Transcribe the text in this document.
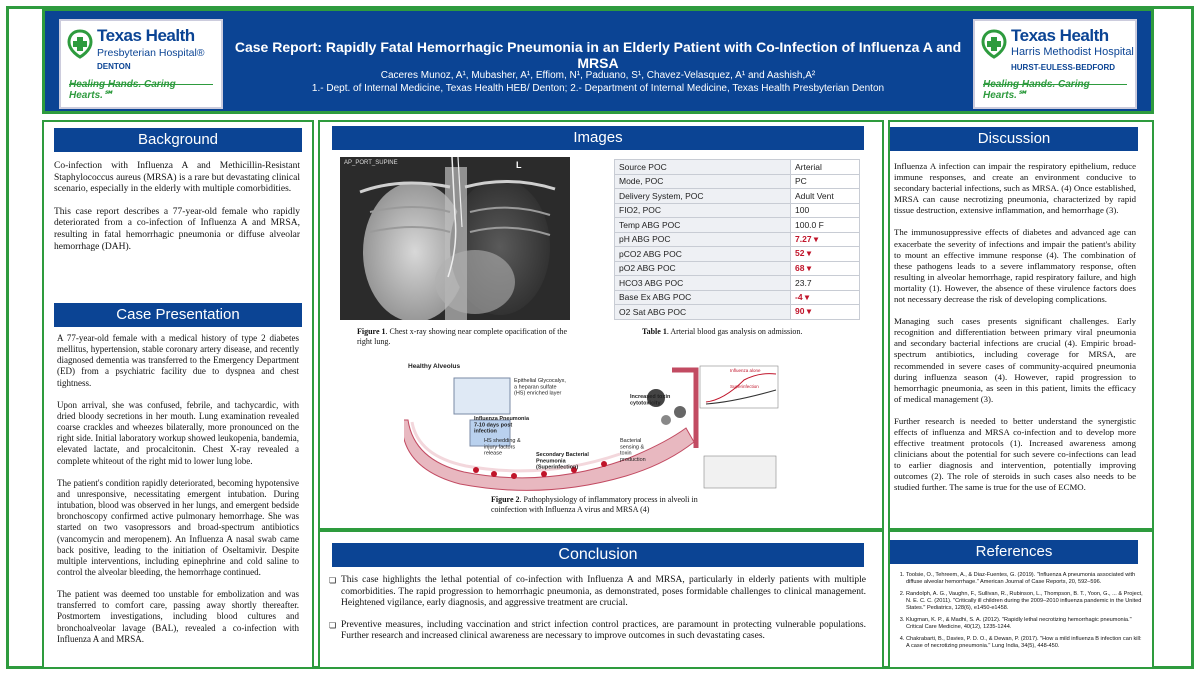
Texas Health
Presbyterian Hospital®
DENTON
Healing Hands. Caring Hearts.℠
Case Report: Rapidly Fatal Hemorrhagic Pneumonia in an Elderly Patient with Co-Infection of Influenza A and MRSA
Caceres Munoz, A¹, Mubasher, A¹, Effiom, N¹, Paduano, S¹, Chavez-Velasquez, A¹ and Aashish,A²
1.- Dept. of Internal Medicine, Texas Health HEB/ Denton; 2.- Department of Internal Medicine, Texas Health Presbyterian Denton
Texas Health
Harris Methodist Hospital
HURST-EULESS-BEDFORD
Healing Hands. Caring Hearts.℠
Background

Co-infection with Influenza A and Methicillin-Resistant Staphylococcus aureus (MRSA) is a rare but devastating clinical scenario, especially in the elderly with multiple comorbidities.

This case report describes a 77-year-old female who rapidly deteriorated from a co-infection of Influenza A and MRSA, resulting in fatal hemorrhagic pneumonia or diffuse alveolar hemorrhage (DAH).

Case Presentation

A 77-year-old female with a medical history of type 2 diabetes mellitus, hypertension, stable coronary artery disease, and recently diagnosed dementia was transferred to the Emergency Department (ED) from a psychiatric facility due to dyspnea and chest tightness.

Upon arrival, she was confused, febrile, and tachycardic, with dried bloody secretions in her mouth. Lung examination revealed coarse crackles and wheezes bilaterally, more pronounced on the right side. Initial laboratory workup showed leukopenia, bandemia, elevated lactate, and procalcitonin. Chest X-ray revealed a complete whiteout of the right mid to lower lung lobe.

The patient's condition rapidly deteriorated, becoming hypotensive and unresponsive, necessitating emergent intubation. During intubation, blood was observed in her lungs, and emergent bedside bronchoscopy confirmed active pulmonary hemorrhage. She was started on two vasopressors and broad-spectrum antibiotics (vancomycin and meropenem). An Influenza A nasal swab came back positive, leading to the initiation of Oseltamivir. Despite multiple interventions, including epinephrine and cold saline to control the alveolar bleeding, the hemorrhage continued.

The patient was deemed too unstable for embolization and was transferred to comfort care, passing away shortly thereafter. Postmortem investigations, including blood cultures and bronchoalveolar lavage (BAL), revealed a co-infection with Influenza A and MRSA.

Images
AP_PORT_SUPINE	L
Figure 1. Chest x-ray showing near complete opacification of the right lung.
Source POC	Arterial
Mode, POC	PC
Delivery System, POC	Adult Vent
FIO2, POC	100
Temp ABG POC	100.0 F
pH ABG POC	7.27 ▾
pCO2 ABG POC	52 ▾
pO2 ABG POC	68 ▾
HCO3 ABG POC	23.7
Base Ex ABG POC	-4 ▾
O2 Sat ABG POC	90 ▾
Table 1. Arterial blood gas analysis on admission.
Healthy Alveolus
Epithelial Glycocalyx, a heparan sulfate (HS) enriched layer
Influenza Pneumonia 7-10 days post infection
HS shedding & injury factors release	Secondary Bacterial Pneumonia (Superinfection)
Increased toxin cytotoxicity
Bacterial sensing & toxin production
Influenza alone
Superinfection
Figure 2. Pathophysiology of inflammatory process in alveoli in coinfection with Influenza A virus and MRSA (4)
Discussion

Influenza A infection can impair the respiratory epithelium, reduce immune responses, and create an environment conducive to secondary bacterial infections, such as MRSA. (4) Once established, MRSA can cause necrotizing pneumonia, characterized by rapid tissue destruction, extensive inflammation, and hemorrhage (3).

The immunosuppressive effects of diabetes and advanced age can exacerbate the severity of infections and impair the patient's ability to mount an effective immune response (4). The combination of these pathogens leads to a severe inflammatory response, often resulting in alveolar hemorrhage, rapid respiratory failure, and high mortality (1). However, the absence of these virulence factors does not necessary decrease the risk of developing complications.

Managing such cases presents significant challenges. Early recognition and differentiation between primary viral pneumonia and secondary bacterial infections are crucial (4). Empiric broad-spectrum antibiotics, including coverage for MRSA, are recommended in severe cases of community-acquired pneumonia during influenza season (4). However, rapid progression to hemorrhagic pneumonia, as seen in this patient, limits the efficacy of medical management (3).

Further research is needed to better understand the synergistic effects of influenza and MRSA co-infection and to develop more effective treatment protocols (1). Increased awareness among clinicians about the potential for such severe co-infections can lead to earlier diagnosis and intervention, potentially improving outcomes (2). The role of steroids in such cases also needs to be studied further. The same is true for the use of ECMO.

Conclusion
❏ This case highlights the lethal potential of co-infection with Influenza A and MRSA, particularly in elderly patients with multiple comorbidities. The rapid progression to hemorrhagic pneumonia, as demonstrated, poses formidable challenges to clinical management. Heightened vigilance, early diagnosis, and aggressive treatment are crucial.
❏ Preventive measures, including vaccination and strict infection control practices, are paramount in protecting vulnerable populations. Further research and increased clinical awareness are necessary to improve outcomes in such devastating cases.
References
1. Toolsie, O., Tehreem, A., & Diaz-Fuentes, G. (2019). "Influenza A pneumonia associated with diffuse alveolar hemorrhage." American Journal of Case Reports, 20, 592–596.
2. Randolph, A. G., Vaughn, F., Sullivan, R., Rubinson, L., Thompson, B. T., Yoon, G., ... & Project, N. E. C. C. (2011). "Critically ill children during the 2009–2010 influenza pandemic in the United States." Pediatrics, 128(6), e1450-e1458.
3. Klugman, K. P., & Madhi, S. A. (2012). "Rapidly lethal necrotizing hemorrhagic pneumonia." Critical Care Medicine, 40(12), 1235-1244.
4. Chakrabarti, B., Davies, P. D. O., & Dewan, P. (2017). "How a mild influenza B infection can kill: A case of necrotizing pneumonia." Lung India, 34(5), 448-450.
